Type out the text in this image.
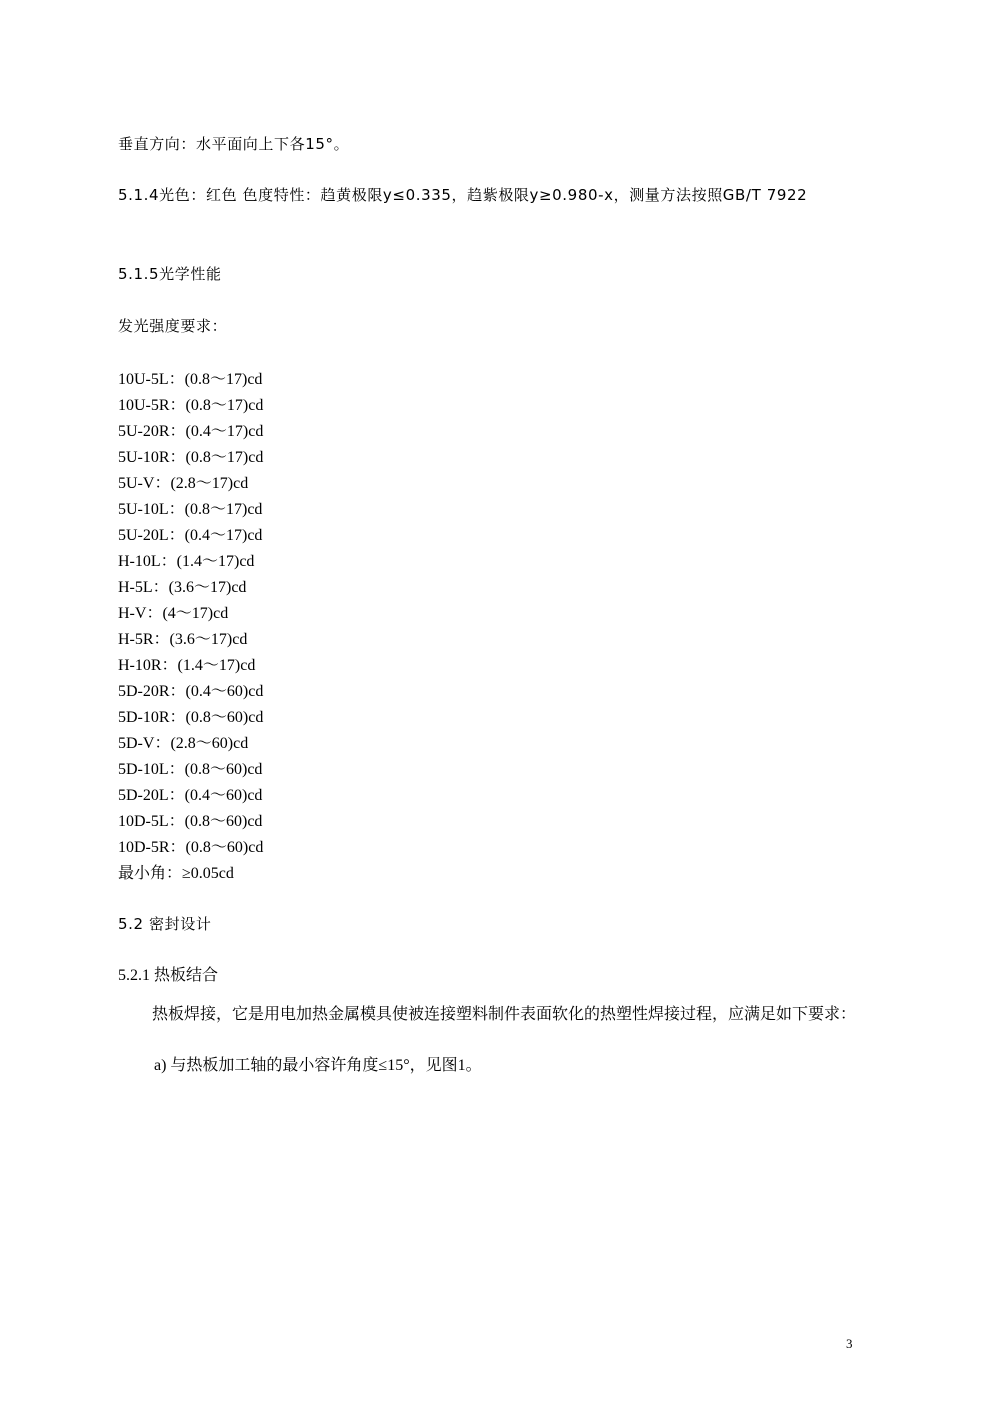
垂直方向：水平面向上下各15°。
5.1.4光色：红色 色度特性：趋黄极限y≤0.335，趋紫极限y≥0.980-x，测量方法按照GB/T 7922
5.1.5光学性能
发光强度要求：
10U-5L：(0.8～17)cd
10U-5R：(0.8～17)cd
5U-20R：(0.4～17)cd
5U-10R：(0.8～17)cd
5U-V：(2.8～17)cd
5U-10L：(0.8～17)cd
5U-20L：(0.4～17)cd
H-10L：(1.4～17)cd
H-5L：(3.6～17)cd
H-V：(4～17)cd
H-5R：(3.6～17)cd
H-10R：(1.4～17)cd
5D-20R：(0.4～60)cd
5D-10R：(0.8～60)cd
5D-V：(2.8～60)cd
5D-10L：(0.8～60)cd
5D-20L：(0.4～60)cd
10D-5L：(0.8～60)cd
10D-5R：(0.8～60)cd
最小角：≥0.05cd
5.2 密封设计
5.2.1 热板结合
热板焊接，它是用电加热金属模具使被连接塑料制件表面软化的热塑性焊接过程，应满足如下要求：
a) 与热板加工轴的最小容许角度≤15°，见图1。
3
